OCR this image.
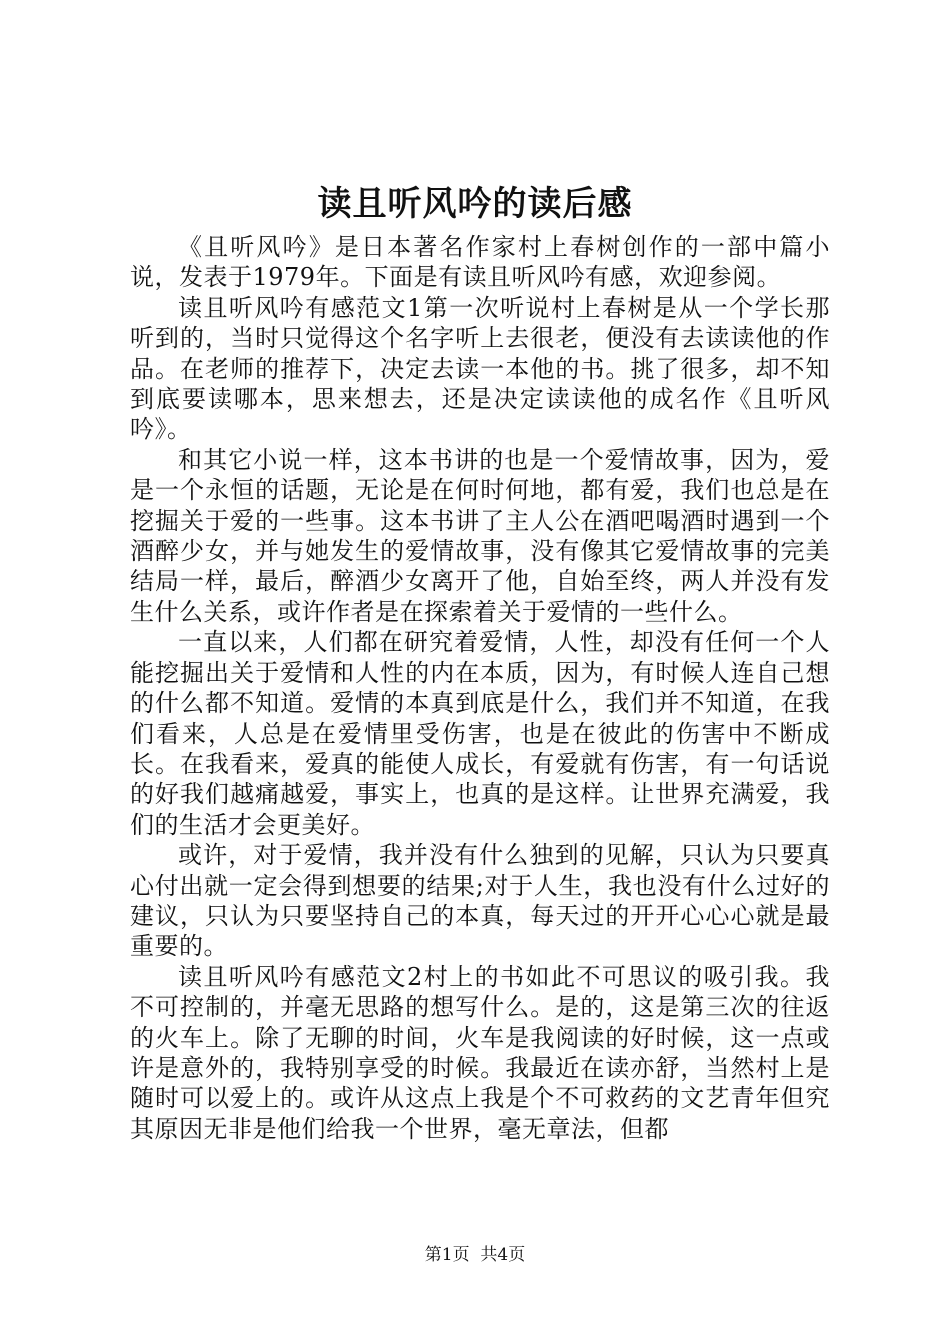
读且听风吟的读后感

《且听风吟》是日本著名作家村上春树创作的一部中篇小说，发表于1979年。下面是有读且听风吟有感，欢迎参阅。

读且听风吟有感范文1第一次听说村上春树是从一个学长那听到的，当时只觉得这个名字听上去很老，便没有去读读他的作品。在老师的推荐下，决定去读一本他的书。挑了很多，却不知到底要读哪本，思来想去，还是决定读读他的成名作《且听风吟》。

和其它小说一样，这本书讲的也是一个爱情故事，因为，爱是一个永恒的话题，无论是在何时何地，都有爱，我们也总是在挖掘关于爱的一些事。这本书讲了主人公在酒吧喝酒时遇到一个酒醉少女，并与她发生的爱情故事，没有像其它爱情故事的完美结局一样，最后，醉酒少女离开了他，自始至终，两人并没有发生什么关系，或许作者是在探索着关于爱情的一些什么。

一直以来，人们都在研究着爱情，人性，却没有任何一个人能挖掘出关于爱情和人性的内在本质，因为，有时候人连自己想的什么都不知道。爱情的本真到底是什么，我们并不知道，在我们看来，人总是在爱情里受伤害，也是在彼此的伤害中不断成长。在我看来，爱真的能使人成长，有爱就有伤害，有一句话说的好我们越痛越爱，事实上，也真的是这样。让世界充满爱，我们的生活才会更美好。

或许，对于爱情，我并没有什么独到的见解，只认为只要真心付出就一定会得到想要的结果;对于人生，我也没有什么过好的建议，只认为只要坚持自己的本真，每天过的开开心心心就是最重要的。

读且听风吟有感范文2村上的书如此不可思议的吸引我。我不可控制的，并毫无思路的想写什么。是的，这是第三次的往返的火车上。除了无聊的时间，火车是我阅读的好时候，这一点或许是意外的，我特别享受的时候。我最近在读亦舒，当然村上是随时可以爱上的。或许从这点上我是个不可救药的文艺青年但究其原因无非是他们给我一个世界，毫无章法，但都

第1页  共4页
